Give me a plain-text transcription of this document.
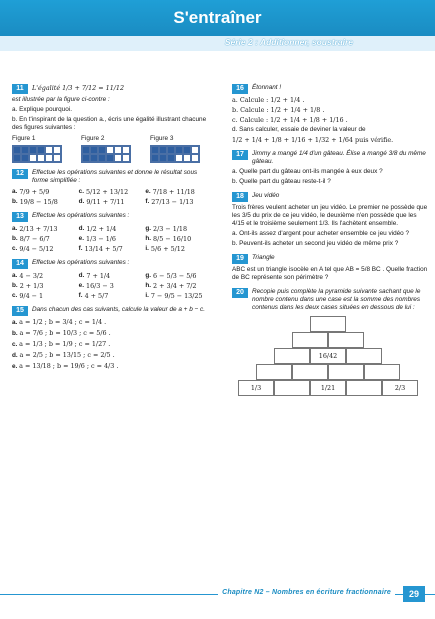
S'entraîner
Série 2 : Additionner, soustraire
11	L'égalité 1/3 + 7/12 = 11/12
est illustrée par la figure ci-contre :
a. Explique pourquoi.
b. En t'inspirant de la question a., écris une égalité illustrant chacune des figures suivantes :
Figure 1	Figure 2	Figure 3
12	Effectue les opérations suivantes et donne le résultat sous forme simplifiée :
a. 7/9 + 5/9	c. 5/12 + 13/12	e. 7/18 + 11/18
b. 19/8 − 15/8	d. 9/11 + 7/11	f. 27/13 − 1/13
13	Effectue les opérations suivantes :
a. 2/13 + 7/13	d. 1/2 + 1/4	g. 2/3 − 1/18
b. 8/7 − 6/7	e. 1/3 − 1/6	h. 8/5 − 16/10
c. 9/4 − 5/12	f. 13/14 + 5/7	i. 5/6 + 5/12
14	Effectue les opérations suivantes :
a. 4 − 3/2	d. 7 + 1/4	g. 6 − 5/3 − 5/6
b. 2 + 1/3	e. 16/3 − 3	h. 2 + 3/4 + 7/2
c. 9/4 − 1	f. 4 + 5/7	i. 7 − 9/5 − 13/25
15	Dans chacun des cas suivants, calcule la valeur de a + b − c.
a. a = 1/2 ; b = 3/4 ; c = 1/4 .
b. a = 7/6 ; b = 10/3 ; c = 5/6 .
c. a = 1/3 ; b = 1/9 ; c = 1/27 .
d. a = 2/5 ; b = 13/15 ; c = 2/5 .
e. a = 13/18 ; b = 19/6 ; c = 4/3 .
16	Étonnant !
a. Calcule : 1/2 + 1/4 .
b. Calcule : 1/2 + 1/4 + 1/8 .
c. Calcule : 1/2 + 1/4 + 1/8 + 1/16 .
d. Sans calculer, essaie de deviner la valeur de
1/2 + 1/4 + 1/8 + 1/16 + 1/32 + 1/64 puis vérifie.
17	Jimmy a mangé 1/4 d'un gâteau. Élise a mangé 3/8 du même gâteau.
a. Quelle part du gâteau ont-ils mangée à eux deux ?
b. Quelle part du gâteau reste-t-il ?
18	Jeu vidéo
Trois frères veulent acheter un jeu vidéo. Le premier ne possède que les 3/5 du prix de ce jeu vidéo, le deuxième n'en possède que les 4/15 et le troisième seulement 1/3. Ils l'achètent ensemble.
a. Ont-ils assez d'argent pour acheter ensemble ce jeu vidéo ?
b. Peuvent-ils acheter un second jeu vidéo de même prix ?
19	Triangle
ABC est un triangle isocèle en A tel que AB = 5/8 BC . Quelle fraction de BC représente son périmètre ?
20	Recopie puis complète la pyramide suivante sachant que le nombre contenu dans une case est la somme des nombres contenus dans les deux cases situées en dessous de lui :
16/42
1/3	1/21	2/3
Chapitre N2 – Nombres en écriture fractionnaire	29
